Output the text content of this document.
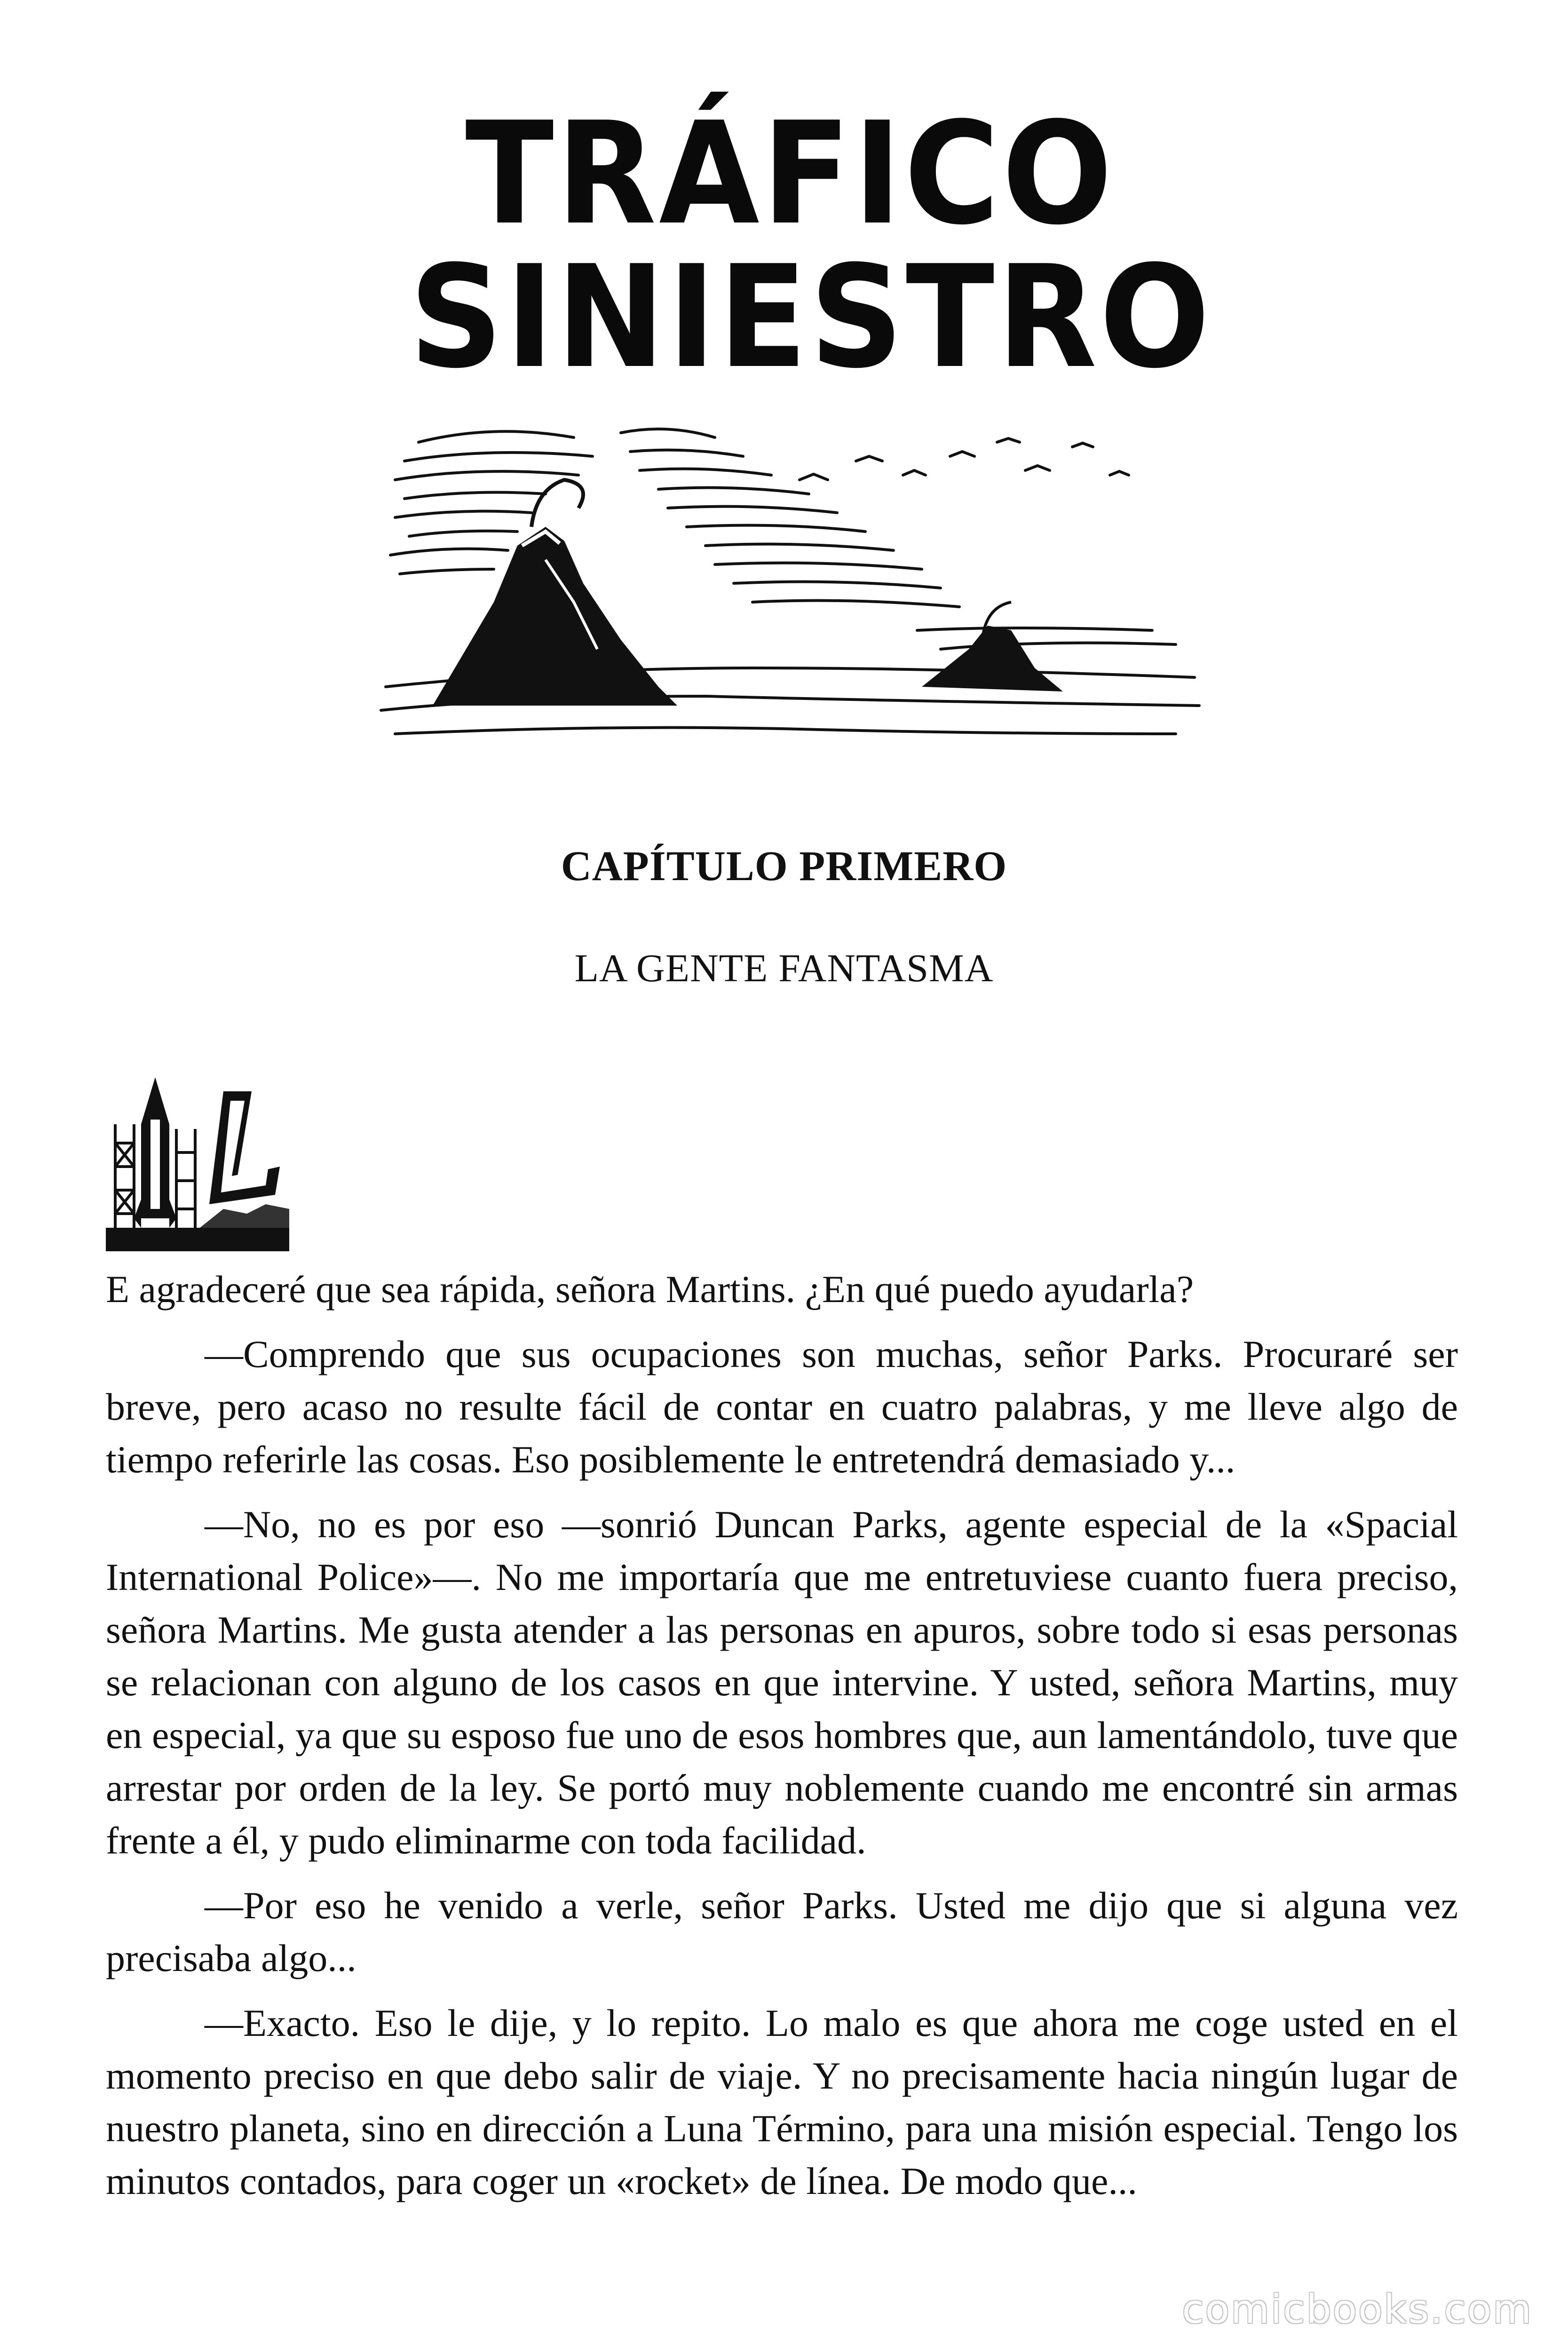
TRÁFICO
SINIESTRO
CAPÍTULO PRIMERO
LA GENTE FANTASMA
L

E agradeceré que sea rápida, señora Martins. ¿En qué puedo ayudarla?

—Comprendo que sus ocupaciones son muchas, señor Parks. Procuraré ser breve, pero acaso no resulte fácil de contar en cuatro palabras, y me lleve algo de tiempo referirle las cosas. Eso posiblemente le entretendrá demasiado y...

—No, no es por eso —sonrió Duncan Parks, agente especial de la «Spacial International Police»—. No me importaría que me entretuviese cuanto fuera preciso, señora Martins. Me gusta atender a las personas en apuros, sobre todo si esas personas se relacionan con alguno de los casos en que intervine. Y usted, señora Martins, muy en especial, ya que su esposo fue uno de esos hombres que, aun lamentándolo, tuve que arrestar por orden de la ley. Se portó muy noblemente cuando me encontré sin armas frente a él, y pudo eliminarme con toda facilidad.

—Por eso he venido a verle, señor Parks. Usted me dijo que si alguna vez precisaba algo...

—Exacto. Eso le dije, y lo repito. Lo malo es que ahora me coge usted en el momento preciso en que debo salir de viaje. Y no precisamente hacia ningún lugar de nuestro planeta, sino en dirección a Luna Término, para una misión especial. Tengo los minutos contados, para coger un «rocket» de línea. De modo que...

comicbooks.com
